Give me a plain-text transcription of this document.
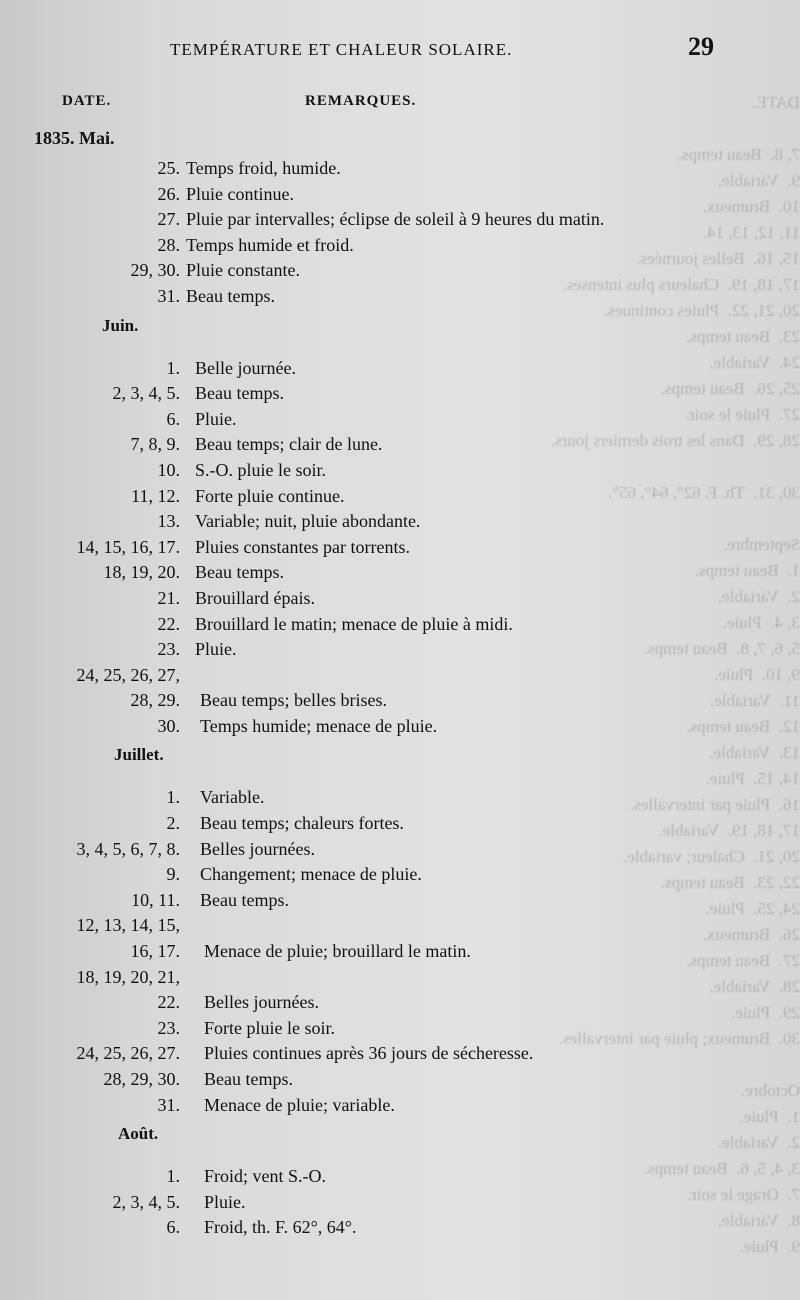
DATE.

7, 8.  Beau temps.
9.  Variable.
10.  Brumeux.
11, 12, 13, 14.
15, 16.  Belles journées.
17, 18, 19.  Chaleurs plus intenses.
20, 21, 22.  Pluies continues.
23.  Beau temps.
24.  Variable.
25, 26.  Beau temps.
27.  Pluie le soir.
28, 29.  Dans les trois derniers jours.

30, 31.  Th. F. 62°, 64°, 65°.

Septembre.
1.  Beau temps.
2.  Variable.
3, 4.  Pluie.
5, 6, 7, 8.  Beau temps.
9, 10.  Pluie.
11.  Variable.
12.  Beau temps.
13.  Variable.
14, 15.  Pluie.
16.  Pluie par intervalles.
17, 18, 19.  Variable.
20, 21.  Chaleur; variable.
22, 23.  Beau temps.
24, 25.  Pluie.
26.  Brumeux.
27.  Beau temps.
28.  Variable.
29.  Pluie.
30.  Brumeux; pluie par intervalles.

Octobre.
1.  Pluie.
2.  Variable.
3, 4, 5, 6.  Beau temps.
7.  Orage le soir.
8.  Variable.
9.  Pluie.
TEMPÉRATURE ET CHALEUR SOLAIRE.	29
DATE.	REMARQUES.
1835. Mai.
25. Temps froid, humide.
26. Pluie continue.
27. Pluie par intervalles; éclipse de soleil à 9 heures du matin.
28. Temps humide et froid.
29, 30. Pluie constante.
31. Beau temps.
Juin.
1. Belle journée.
2, 3, 4, 5. Beau temps.
6. Pluie.
7, 8, 9. Beau temps; clair de lune.
10. S.-O. pluie le soir.
11, 12. Forte pluie continue.
13. Variable; nuit, pluie abondante.
14, 15, 16, 17. Pluies constantes par torrents.
18, 19, 20. Beau temps.
21. Brouillard épais.
22. Brouillard le matin; menace de pluie à midi.
23. Pluie.
24, 25, 26, 27,
28, 29. Beau temps; belles brises.
30. Temps humide; menace de pluie.
Juillet.
1. Variable.
2. Beau temps; chaleurs fortes.
3, 4, 5, 6, 7, 8. Belles journées.
9. Changement; menace de pluie.
10, 11. Beau temps.
12, 13, 14, 15,
16, 17. Menace de pluie; brouillard le matin.
18, 19, 20, 21,
22. Belles journées.
23. Forte pluie le soir.
24, 25, 26, 27. Pluies continues après 36 jours de sécheresse.
28, 29, 30. Beau temps.
31. Menace de pluie; variable.
Août.
1. Froid; vent S.-O.
2, 3, 4, 5. Pluie.
6. Froid, th. F. 62°, 64°.
